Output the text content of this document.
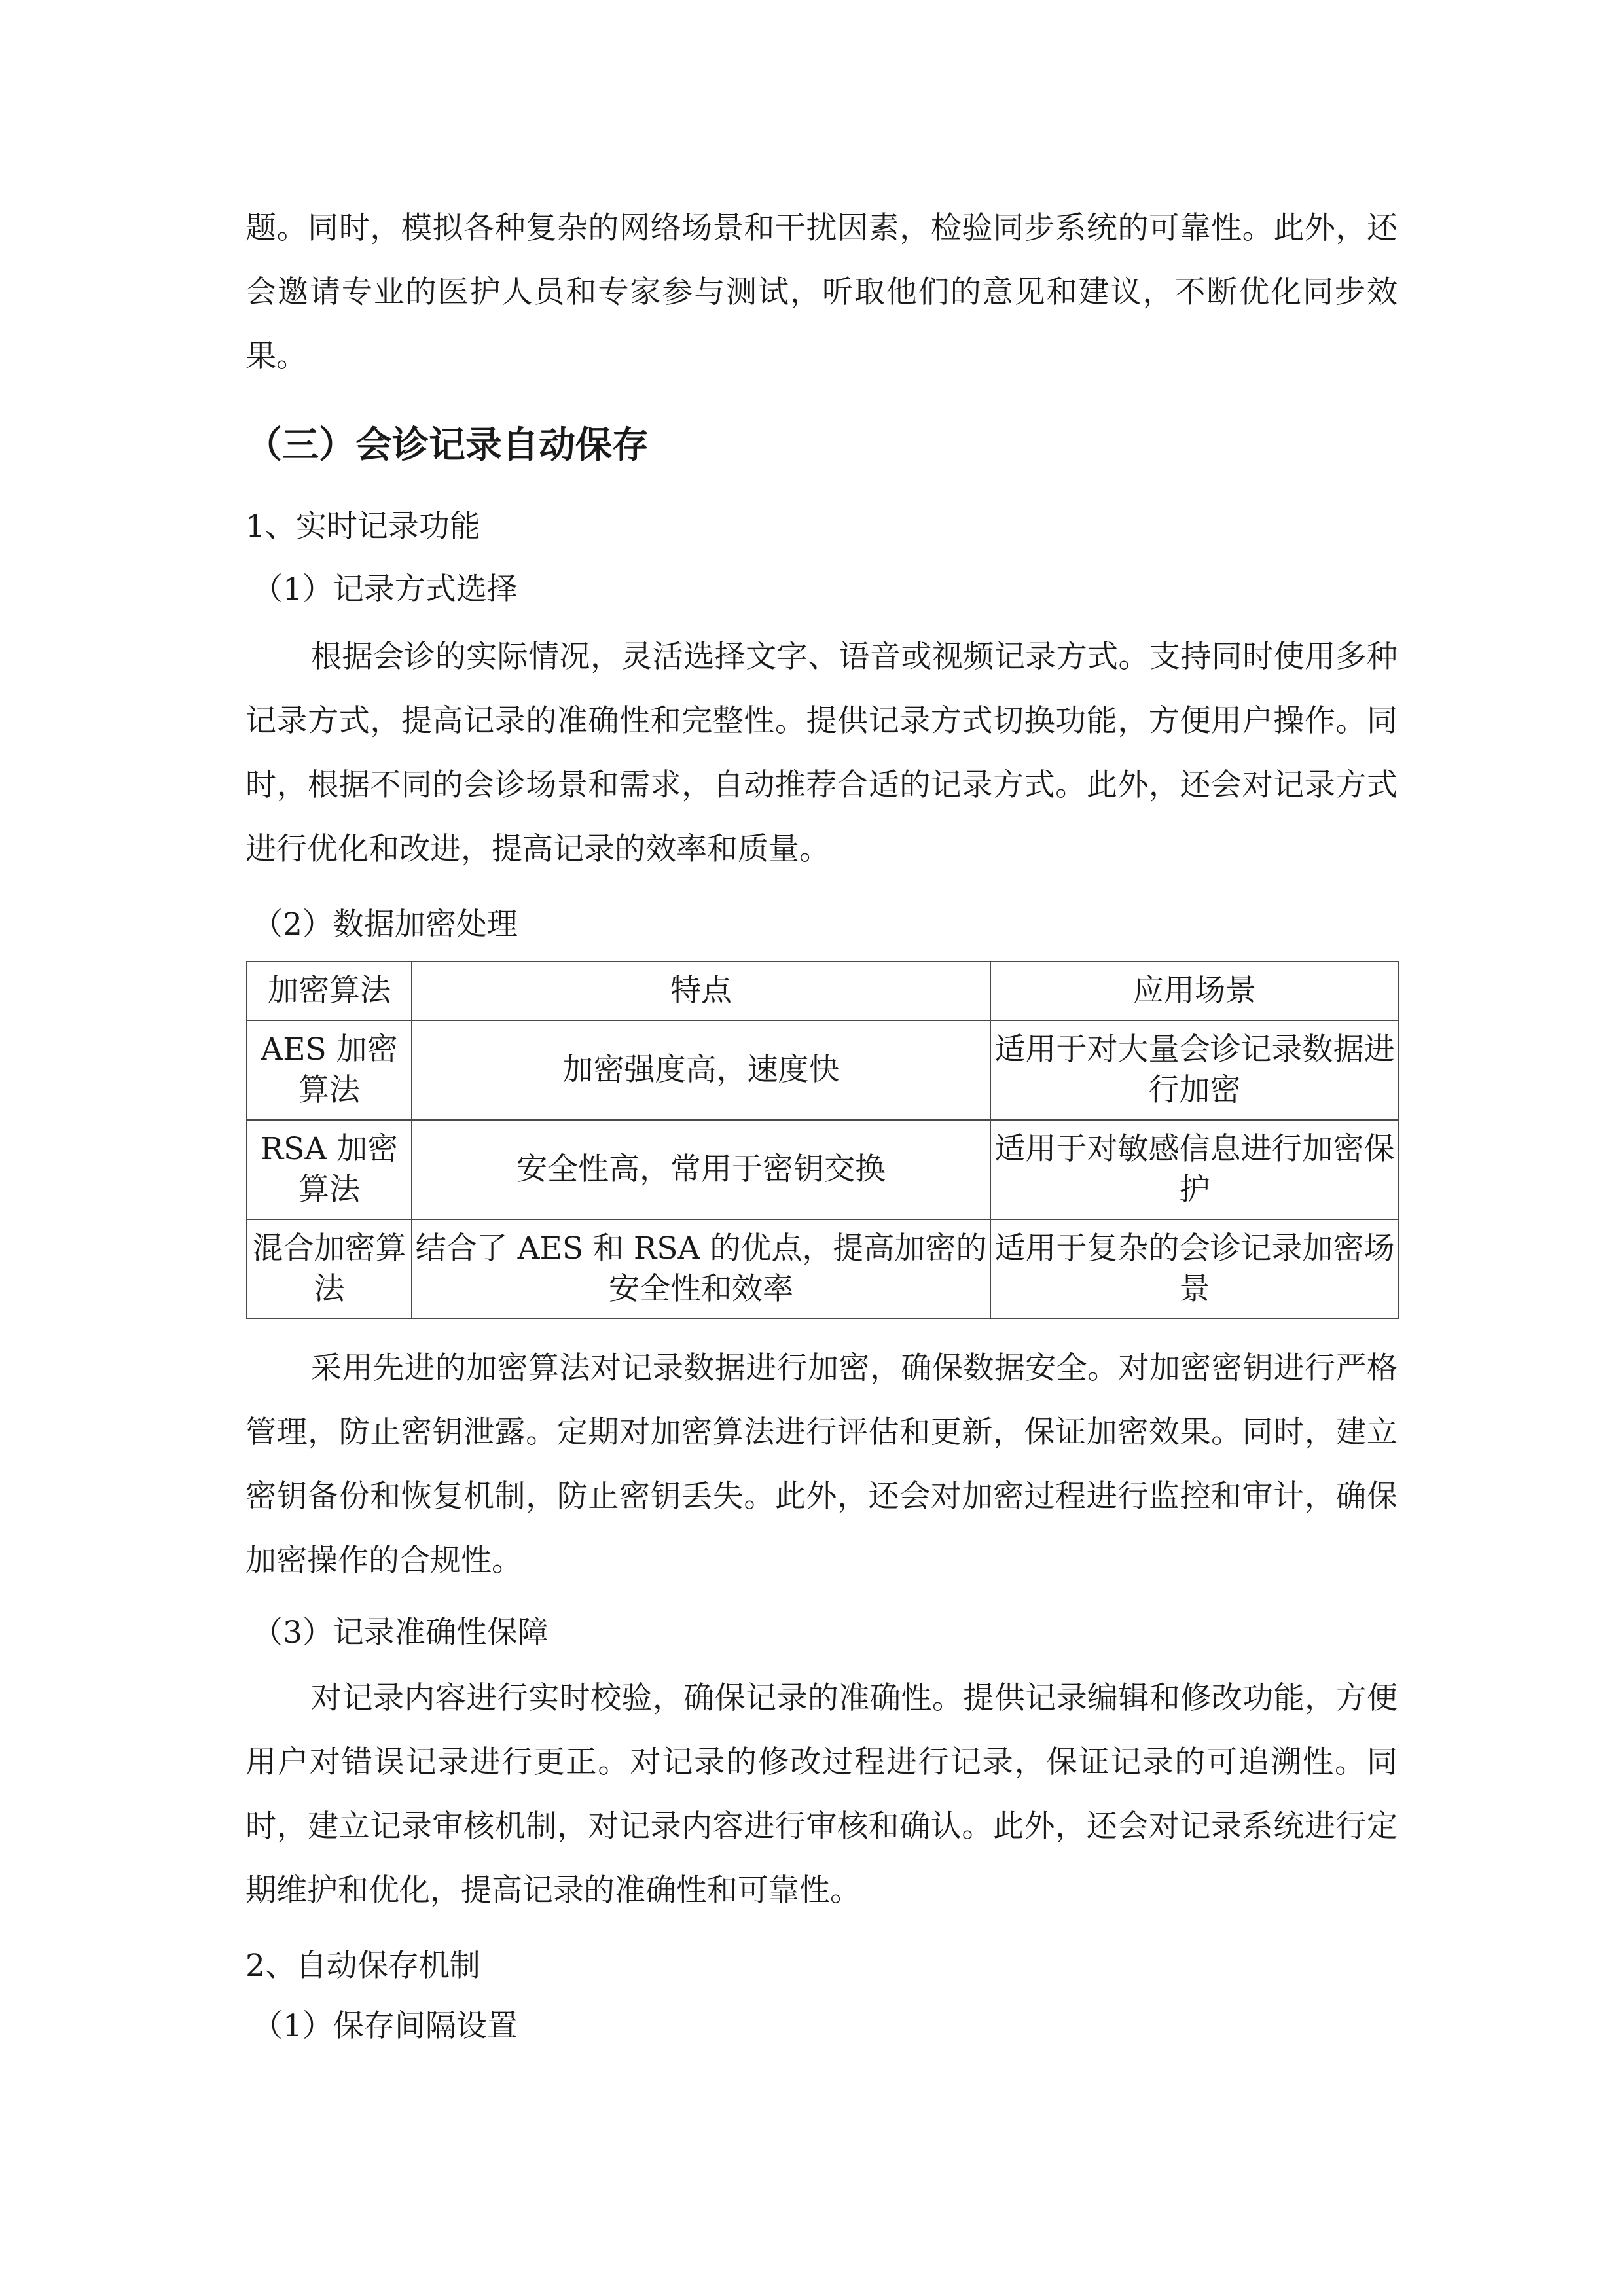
题。同时，模拟各种复杂的网络场景和干扰因素，检验同步系统的可靠性。此外，还会邀请专业的医护人员和专家参与测试，听取他们的意见和建议，不断优化同步效果。

（三）会诊记录自动保存

1、实时记录功能

（1）记录方式选择

根据会诊的实际情况，灵活选择文字、语音或视频记录方式。支持同时使用多种记录方式，提高记录的准确性和完整性。提供记录方式切换功能，方便用户操作。同时，根据不同的会诊场景和需求，自动推荐合适的记录方式。此外，还会对记录方式进行优化和改进，提高记录的效率和质量。

（2）数据加密处理

加密算法	特点	应用场景
AES 加密算法	加密强度高，速度快	适用于对大量会诊记录数据进行加密
RSA 加密算法	安全性高，常用于密钥交换	适用于对敏感信息进行加密保护
混合加密算法	结合了 AES 和 RSA 的优点，提高加密的安全性和效率	适用于复杂的会诊记录加密场景

采用先进的加密算法对记录数据进行加密，确保数据安全。对加密密钥进行严格管理，防止密钥泄露。定期对加密算法进行评估和更新，保证加密效果。同时，建立密钥备份和恢复机制，防止密钥丢失。此外，还会对加密过程进行监控和审计，确保加密操作的合规性。

（3）记录准确性保障

对记录内容进行实时校验，确保记录的准确性。提供记录编辑和修改功能，方便用户对错误记录进行更正。对记录的修改过程进行记录，保证记录的可追溯性。同时，建立记录审核机制，对记录内容进行审核和确认。此外，还会对记录系统进行定期维护和优化，提高记录的准确性和可靠性。

2、自动保存机制

（1）保存间隔设置
